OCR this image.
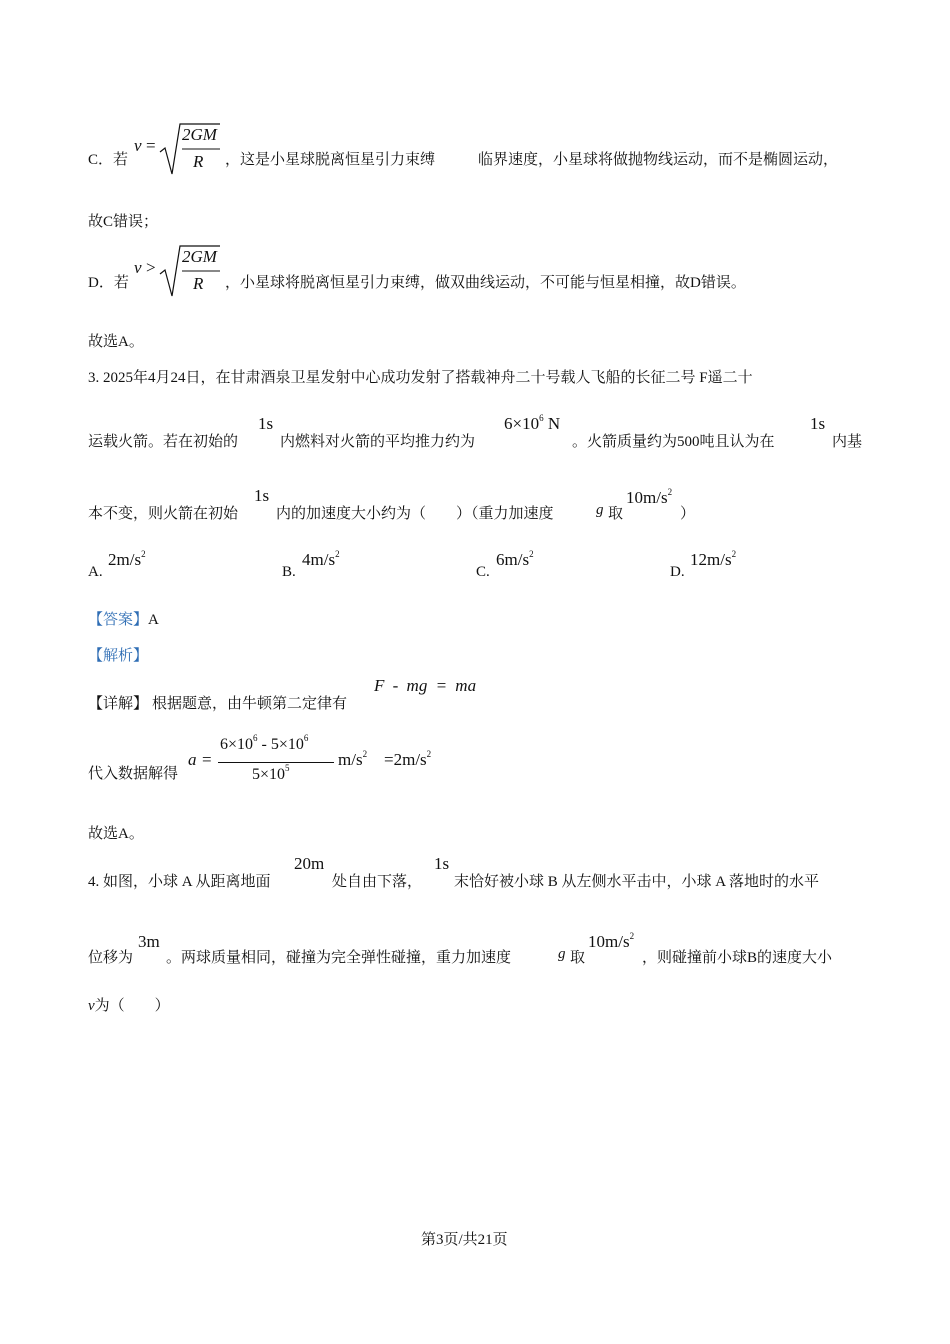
C．若
v =
2GM
R ，这是小星球脱离恒星引力束缚	临界速度，小星球将做抛物线运动，而不是椭圆运动，
故C错误；
D．若
v >
2GM
R ，小星球将脱离恒星引力束缚，做双曲线运动，不可能与恒星相撞，故D错误。
故选A。
3. 2025年4月24日，在甘肃酒泉卫星发射中心成功发射了搭载神舟二十号载人飞船的长征二号 F遥二十
运载火箭。若在初始的
1s
内燃料对火箭的平均推力约为
$6\times 10^6$ N
。火箭质量约为500吨且认为在
1s
内基
本不变，则火箭在初始
1s
内的加速度大小约为（　　）（重力加速度	g 取
$10m/s^2$
）
A.
$2m/s^2$
B.
$4m/s^2$
C.
$6m/s^2$
D.
$12m/s^2$
【答案】A
【解析】
【详解】 根据题意，由牛顿第二定律有
F - mg = ma
代入数据解得
a =
$6\times 10^6 - 5\times 10^6$
$5\times 10^5$	$m/s^2 =2m/s^2$
故选A。
4. 如图，小球 A 从距离地面
20m
处自由下落，
1s
末恰好被小球 B 从左侧水平击中，小球 A 落地时的水平
位移为
3m
。两球质量相同，碰撞为完全弹性碰撞，重力加速度	g 取
$10m/s^2$
，则碰撞前小球B的速度大小
v为（　　）
第3页/共21页
